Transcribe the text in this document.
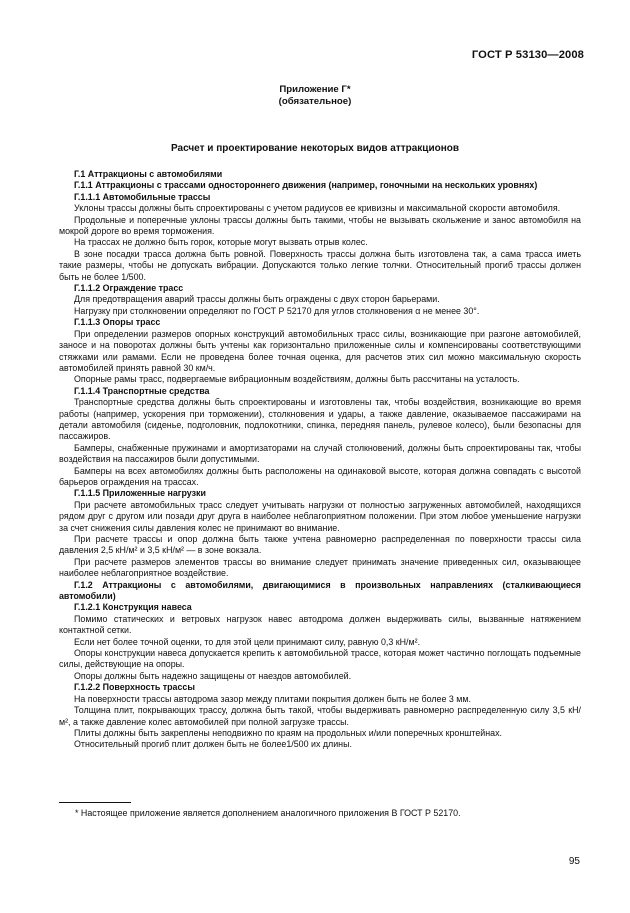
ГОСТ Р 53130—2008
Приложение Г*
(обязательное)
Расчет и проектирование некоторых видов аттракционов

Г.1 Аттракционы с автомобилями

Г.1.1 Аттракционы с трассами одностороннего движения (например, гоночными на нескольких уровнях)

Г.1.1.1 Автомобильные трассы

Уклоны трассы должны быть спроектированы с учетом радиусов ее кривизны и максимальной скорости автомобиля.

Продольные и поперечные уклоны трассы должны быть такими, чтобы не вызывать скольжение и занос автомобиля на мокрой дороге во время торможения.

На трассах не должно быть горок, которые могут вызвать отрыв колес.

В зоне посадки трасса должна быть ровной. Поверхность трассы должна быть изготовлена так, а сама трасса иметь такие размеры, чтобы не допускать вибрации. Допускаются только легкие толчки. Относительный прогиб трассы должен быть не более 1/500.

Г.1.1.2 Ограждение трасс

Для предотвращения аварий трассы должны быть ограждены с двух сторон барьерами.

Нагрузку при столкновении определяют по ГОСТ Р 52170 для углов столкновения α не менее 30°.

Г.1.1.3 Опоры трасс

При определении размеров опорных конструкций автомобильных трасс силы, возникающие при разгоне автомобилей, заносе и на поворотах должны быть учтены как горизонтально приложенные силы и компенсированы соответствующими стяжками или рамами. Если не проведена более точная оценка, для расчетов этих сил можно максимальную скорость автомобилей принять равной 30 км/ч.

Опорные рамы трасс, подвергаемые вибрационным воздействиям, должны быть рассчитаны на усталость.

Г.1.1.4 Транспортные средства

Транспортные средства должны быть спроектированы и изготовлены так, чтобы воздействия, возникающие во время работы (например, ускорения при торможении), столкновения и удары, а также давление, оказываемое пассажирами на детали автомобиля (сиденье, подголовник, подлокотники, спинка, передняя панель, рулевое колесо), были безопасны для пассажиров.

Бамперы, снабженные пружинами и амортизаторами на случай столкновений, должны быть спроектированы так, чтобы воздействия на пассажиров были допустимыми.

Бамперы на всех автомобилях должны быть расположены на одинаковой высоте, которая должна совпадать с высотой барьеров ограждения на трассах.

Г.1.1.5 Приложенные нагрузки

При расчете автомобильных трасс следует учитывать нагрузки от полностью загруженных автомобилей, находящихся рядом друг с другом или позади друг друга в наиболее неблагоприятном положении. При этом любое уменьшение нагрузки за счет снижения силы давления колес не принимают во внимание.

При расчете трассы и опор должна быть также учтена равномерно распределенная по поверхности трассы сила давления 2,5 кН/м² и 3,5 кН/м² — в зоне вокзала.

При расчете размеров элементов трассы во внимание следует принимать значение приведенных сил, оказывающее наиболее неблагоприятное воздействие.

Г.1.2 Аттракционы с автомобилями, двигающимися в произвольных направлениях (сталкивающиеся автомобили)

Г.1.2.1 Конструкция навеса

Помимо статических и ветровых нагрузок навес автодрома должен выдерживать силы, вызванные натяжением контактной сетки.

Если нет более точной оценки, то для этой цели принимают силу, равную 0,3 кН/м².

Опоры конструкции навеса допускается крепить к автомобильной трассе, которая может частично поглощать подъемные силы, действующие на опоры.

Опоры должны быть надежно защищены от наездов автомобилей.

Г.1.2.2 Поверхность трассы

На поверхности трассы автодрома зазор между плитами покрытия должен быть не более 3 мм.

Толщина плит, покрывающих трассу, должна быть такой, чтобы выдерживать равномерно распределенную силу 3,5 кН/м², а также давление колес автомобилей при полной загрузке трассы.

Плиты должны быть закреплены неподвижно по краям на продольных и/или поперечных кронштейнах.

Относительный прогиб плит должен быть не более1/500 их длины.

* Настоящее приложение является дополнением аналогичного приложения В ГОСТ Р 52170.
95
